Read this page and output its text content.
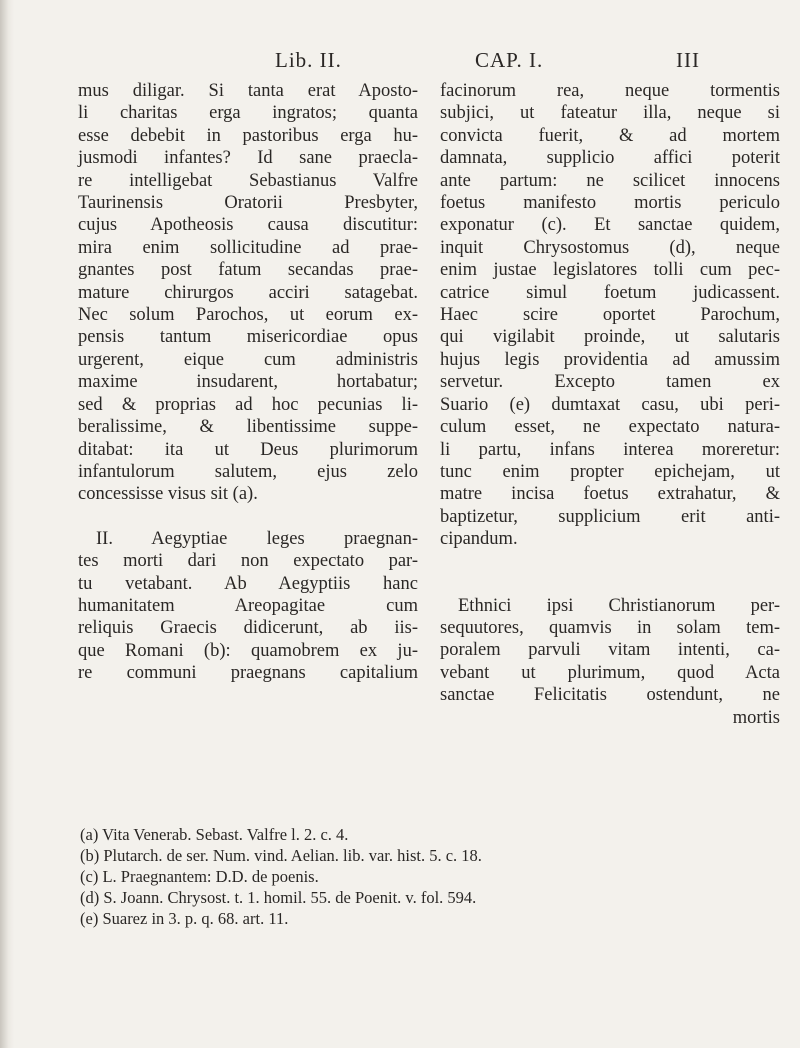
Lib. II.	CAP. I.	III
mus diligar. Si tanta erat Apo﻿sto-
li charitas erga ingratos; quanta
esse debebit in pastoribus erga hu-
jusmodi infantes? Id sane praecla-
re intelligebat Sebastianus Valfre
Taurinensis Oratorii Presbyter,
cujus Apotheosis causa discutitur:
mira enim sollicitudine ad prae-
gnantes post fatum secandas prae-
mature chirurgos acciri satagebat.
Nec solum Parochos, ut eorum ex-
pensis tantum misericordiae opus
urgerent, eique cum administris
maxime insudarent, hortabatur;
sed & proprias ad hoc pecunias li-
beralissime, & libentissime suppe-
ditabat: ita ut Deus plurimorum
infantulorum salutem, ejus zelo
concessisse visus sit (a).
II. Aegyptiae leges praegnan-
tes morti dari non expectato par-
tu vetabant. Ab Aegyptiis hanc
humanitatem Areopagitae cum
reliquis Graecis didicerunt, ab iis-
que Romani (b): quamobrem ex ju-
re communi praegnans capitalium
facinorum rea, neque tormentis
subjici, ut fateatur illa, neque si
convicta fuerit, & ad mortem
damnata, supplicio affici poterit
ante partum: ne scilicet innocens
foetus manifesto mortis periculo
exponatur (c). Et sanctae quidem,
inquit Chrysostomus (d), neque
enim justae legislatores tolli cum pec-
catrice simul foetum judicassent.
Haec scire oportet Parochum,
qui vigilabit proinde, ut salutaris
hujus legis providentia ad amussim
servetur. Excepto tamen ex
Suario (e) dumtaxat casu, ubi peri-
culum esset, ne expectato natura-
li partu, infans interea moreretur:
tunc enim propter epichejam, ut
matre incisa foetus extrahatur, &
baptizetur, supplicium erit anti-
cipandum.
Ethnici ipsi Christianorum per-
sequutores, quamvis in solam tem-
poralem parvuli vitam intenti, ca-
vebant ut plurimum, quod Acta
sanctae Felicitatis ostendunt, ne
mortis
(a) Vita Venerab. Sebast. Valfre l. 2. c. 4.
(b) Plutarch. de ser. Num. vind. Aelian. lib. var. hist. 5. c. 18.
(c) L. Praegnantem: D.D. de poenis.
(d) S. Joann. Chrysost. t. 1. homil. 55. de Poenit. v. fol. 594.
(e) Suarez in 3. p. q. 68. art. 11.
